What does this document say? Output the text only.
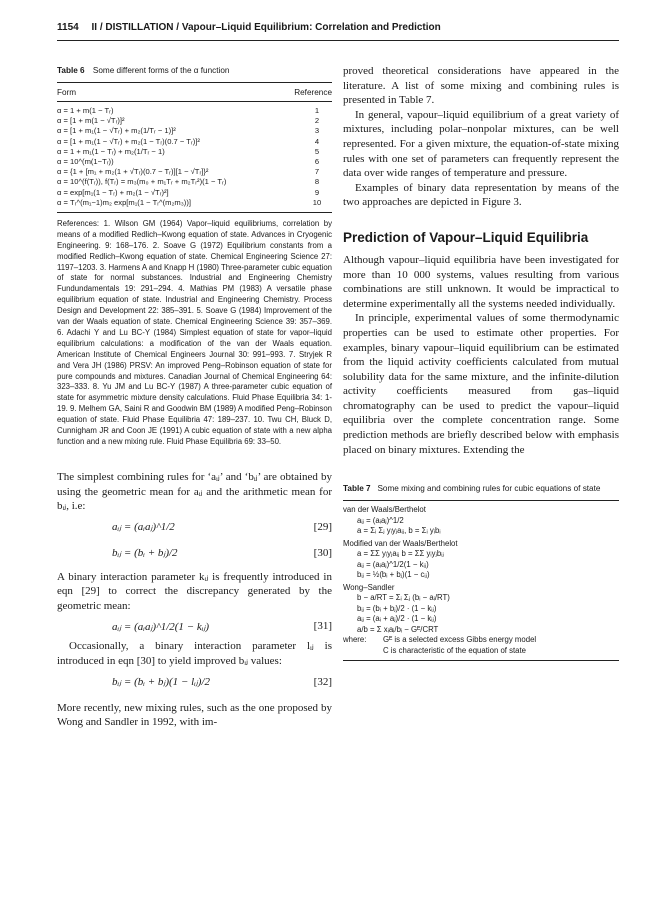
1154 II / DISTILLATION / Vapour–Liquid Equilibrium: Correlation and Prediction
Table 6 Some different forms of the α function
Form	Reference
α = 1 + m(1 − Tᵣ)	1
α = [1 + m(1 − √Tᵣ)]²	2
α = [1 + m₁(1 − √Tᵣ) + m₂(1/Tᵣ − 1)]²	3
α = [1 + m₁(1 − √Tᵣ) + m₂(1 − Tᵣ)(0.7 − Tᵣ)]²	4
α = 1 + m₁(1 − Tᵣ) + m₂(1/Tᵣ − 1)	5
α = 10^(m(1−Tᵣ))	6
α = {1 + [m₁ + m₂(1 + √Tᵣ)(0.7 − Tᵣ)][1 − √Tᵣ]}²	7
α = 10^(f(Tᵣ)), f(Tᵣ) = m₃(m₀ + m₁Tᵣ + m₂Tᵣ²)(1 − Tᵣ)	8
α = exp[m₁(1 − Tᵣ) + m₂(1 − √Tᵣ)²]	9
α = Tᵣ^(m₁−1)m₂ exp[m₁(1 − Tᵣ^(m₂m₃))]	10
References: 1. Wilson GM (1964) Vapor–liquid equilibriums, correlation by means of a modified Redlich–Kwong equation of state. Advances in Cryogenic Engineering. 9: 168–176. 2. Soave G (1972) Equilibrium constants from a modified Redlich–Kwong equation of state. Chemical Engineering Science 27: 1197–1203. 3. Harmens A and Knapp H (1980) Three-parameter cubic equation of state for normal substances. Industrial and Engineering Chemistry Fundundamentals 19: 291–294. 4. Mathias PM (1983) A versatile phase equilibrium equation of state. Industrial and Engineering Chemistry. Process Design and Development 22: 385–391. 5. Soave G (1984) Improvement of the van der Waals equation of state. Chemical Engineering Science 39: 357–369. 6. Adachi Y and Lu BC-Y (1984) Simplest equation of state for vapor–liquid equilibrium calculations: a modification of the van der Waals equation. American Institute of Chemical Engineers Journal 30: 991–993. 7. Stryjek R and Vera JH (1986) PRSV: An improved Peng–Robinson equation of state for pure compounds and mixtures. Canadian Journal of Chemical Engineering 64: 323–333. 8. Yu JM and Lu BC-Y (1987) A three-parameter cubic equation of state for asymmetric mixture density calculations. Fluid Phase Equilibria 34: 1-19. 9. Melhem GA, Saini R and Goodwin BM (1989) A modified Peng–Robinson equation of state. Fluid Phase Equilibria 47: 189–237. 10. Twu CH, Bluck D, Cunnigham JR and Coon JE (1991) A cubic equation of state with a new alpha function and a new mixing rule. Fluid Phase Equilibria 69: 33–50.

The simplest combining rules for ‘aᵢⱼ’ and ‘bᵢⱼ’ are obtained by using the geometric mean for aᵢⱼ and the arithmetic mean for bᵢⱼ, i.e:

aᵢⱼ = (aᵢaⱼ)^1/2	[29]
bᵢⱼ = (bᵢ + bⱼ)/2	[30]

A binary interaction parameter kᵢⱼ is frequently introduced in eqn [29] to correct the discrepancy generated by the geometric mean:

aᵢⱼ = (aᵢaⱼ)^1/2(1 − kᵢⱼ)	[31]

Occasionally, a binary interaction parameter lᵢⱼ is introduced in eqn [30] to yield improved bᵢⱼ values:

bᵢⱼ = (bᵢ + bⱼ)(1 − lᵢⱼ)/2	[32]

More recently, new mixing rules, such as the one proposed by Wong and Sandler in 1992, with im-

proved theoretical considerations have appeared in the literature. A list of some mixing and combining rules is presented in Table 7.

In general, vapour–liquid equilibrium of a great variety of mixtures, including polar–nonpolar mixtures, can be well represented. For a given mixture, the equation-of-state mixing rules with one set of parameters can frequently represent the data over wide ranges of temperature and pressure.

Examples of binary data representation by means of the two approaches are depicted in Figure 3.

Prediction of Vapour–Liquid Equilibria

Although vapour–liquid equilibria have been investigated for more than 10 000 systems, values resulting from various combinations are still unknown. It would be impractical to determine experimentally all the systems needed individually.

In principle, experimental values of some thermodynamic properties can be used to estimate other properties. For examples, binary vapour–liquid equilibrium can be estimated from the liquid activity coefficients calculated from mutual solubility data for the same mixture, and the infinite-dilution activity coefficients measured from gas–liquid chromatography can be used to predict the vapour–liquid equilibria over the complete concentration range. Some prediction methods are briefly described below with emphasis placed on binary mixtures. Extending the

Table 7 Some mixing and combining rules for cubic equations of state
van der Waals/Berthelot
aᵢⱼ = (aᵢaⱼ)^1/2
a = Σᵢ Σⱼ yᵢyⱼaᵢⱼ, b = Σᵢ yᵢbᵢ
Modified van der Waals/Berthelot
a = ΣΣ yᵢyⱼaᵢⱼ b = ΣΣ yᵢyⱼbᵢⱼ
aᵢⱼ = (aᵢaⱼ)^1/2(1 − kᵢⱼ)
bᵢⱼ = ½(bᵢ + bⱼ)(1 − cᵢⱼ)
Wong–Sandler
b − a/RT = Σᵢ Σⱼ (bᵢ − aᵢ/RT)
bᵢⱼ = (bᵢ + bⱼ)/2 · (1 − kᵢⱼ)
aᵢⱼ = (aᵢ + aⱼ)/2 · (1 − kᵢⱼ)
a/b = Σ xᵢaᵢ/bᵢ − Gᴱ/CRT
where:	Gᴱ is a selected excess Gibbs energy model
C is characteristic of the equation of state
